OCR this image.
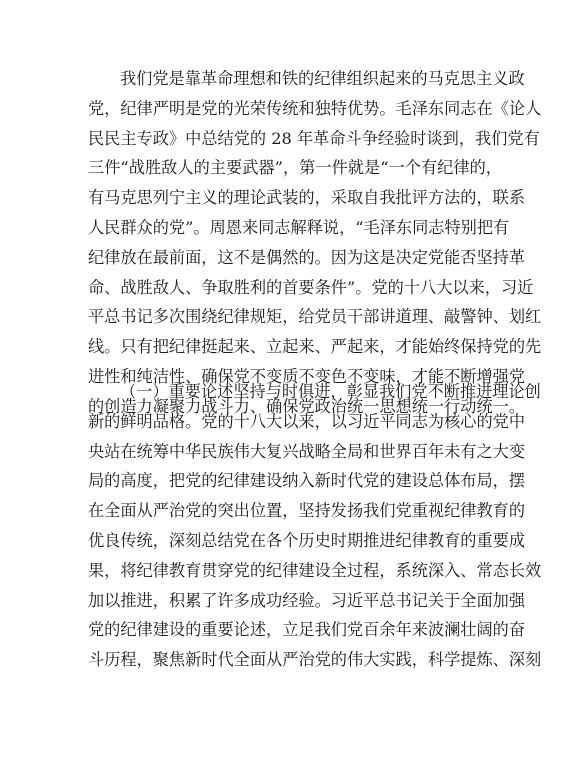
我们党是靠革命理想和铁的纪律组织起来的马克思主义政
党，纪律严明是党的光荣传统和独特优势。毛泽东同志在《论人
民民主专政》中总结党的 28 年革命斗争经验时谈到，我们党有
三件“战胜敌人的主要武器”，第一件就是“一个有纪律的，
有马克思列宁主义的理论武装的，采取自我批评方法的，联系
人民群众的党”。周恩来同志解释说，“毛泽东同志特别把有
纪律放在最前面，这不是偶然的。因为这是决定党能否坚持革
命、战胜敌人、争取胜利的首要条件”。党的十八大以来，习近
平总书记多次围绕纪律规矩，给党员干部讲道理、敲警钟、划红
线。只有把纪律挺起来、立起来、严起来，才能始终保持党的先
进性和纯洁性、确保党不变质不变色不变味，才能不断增强党
的创造力凝聚力战斗力、确保党政治统一思想统一行动统一。

（一）重要论述坚持与时俱进，彰显我们党不断推进理论创
新的鲜明品格。党的十八大以来，以习近平同志为核心的党中
央站在统筹中华民族伟大复兴战略全局和世界百年未有之大变
局的高度，把党的纪律建设纳入新时代党的建设总体布局，摆
在全面从严治党的突出位置，坚持发扬我们党重视纪律教育的
优良传统，深刻总结党在各个历史时期推进纪律教育的重要成
果，将纪律教育贯穿党的纪律建设全过程，系统深入、常态长效
加以推进，积累了许多成功经验。习近平总书记关于全面加强
党的纪律建设的重要论述，立足我们党百余年来波澜壮阔的奋
斗历程，聚焦新时代全面从严治党的伟大实践，科学提炼、深刻
